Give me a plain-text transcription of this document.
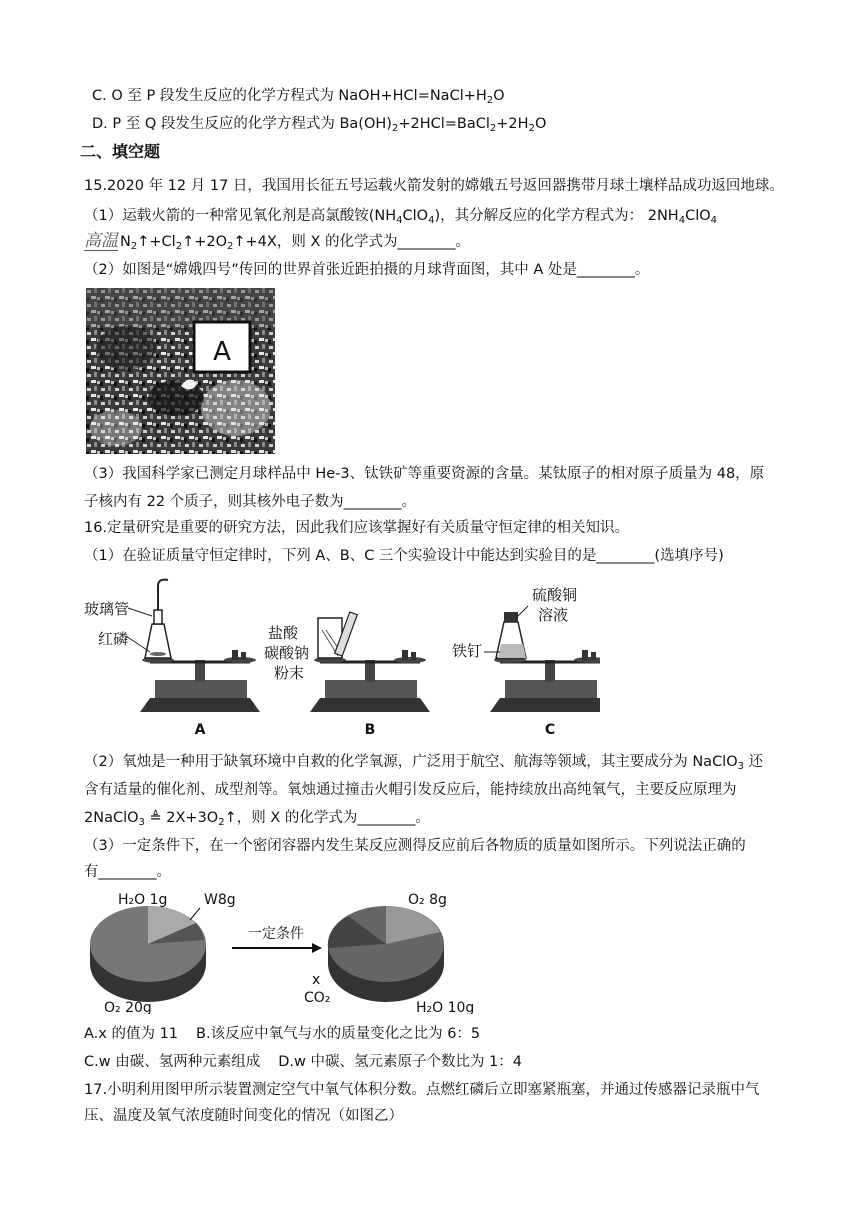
C. O 至 P 段发生反应的化学方程式为 $NaOH+HCl=NaCl+H_2O$
D. P 至 Q 段发生反应的化学方程式为 $Ba(OH)_2+2HCl=BaCl_2+2H_2O$
二、填空题
15.2020 年 12 月 17 日，我国用长征五号运载火箭发射的嫦娥五号返回器携带月球土壤样品成功返回地球。
（1）运载火箭的一种常见氧化剂是高氯酸铵$(NH_4ClO_4)$，其分解反应的化学方程式为： $2NH_4ClO_4$
高温 $N_2↑+Cl_2↑+2O_2↑+4X$，则 X 的化学式为________。
（2）如图是“嫦娥四号”传回的世界首张近距拍摄的月球背面图，其中 A 处是________。
A
（3）我国科学家已测定月球样品中 He-3、钛铁矿等重要资源的含量。某钛原子的相对原子质量为 48，原
子核内有 22 个质子，则其核外电子数为________。
16.定量研究是重要的研究方法，因此我们应该掌握好有关质量守恒定律的相关知识。
（1）在验证质量守恒定律时，下列 A、B、C 三个实验设计中能达到实验目的是________(选填序号)
玻璃管
红磷
A
盐酸
碳酸钠
粉末
B
硫酸铜
溶液
铁钉
C
（2）氧烛是一种用于缺氧环境中自救的化学氧源，广泛用于航空、航海等领域，其主要成分为 NaClO$_3$ 还
含有适量的催化剂、成型剂等。氧烛通过撞击火帽引发反应后，能持续放出高纯氧气，主要反应原理为
2NaClO$_3$ ≜ $2X+3O_2↑$，则 X 的化学式为________。
（3）一定条件下，在一个密闭容器内发生某反应测得反应前后各物质的质量如图所示。下列说法正确的
有________。
H₂O 1g	W8g
O₂ 20g
一定条件
O₂ 8g
x
CO₂
H₂O 10g
A.x 的值为 11 B.该反应中氧气与水的质量变化之比为 6：5
C.w 由碳、氢两种元素组成 D.w 中碳、氢元素原子个数比为 1：4
17.小明利用图甲所示装置测定空气中氧气体积分数。点燃红磷后立即塞紧瓶塞，并通过传感器记录瓶中气
压、温度及氧气浓度随时间变化的情况（如图乙）
